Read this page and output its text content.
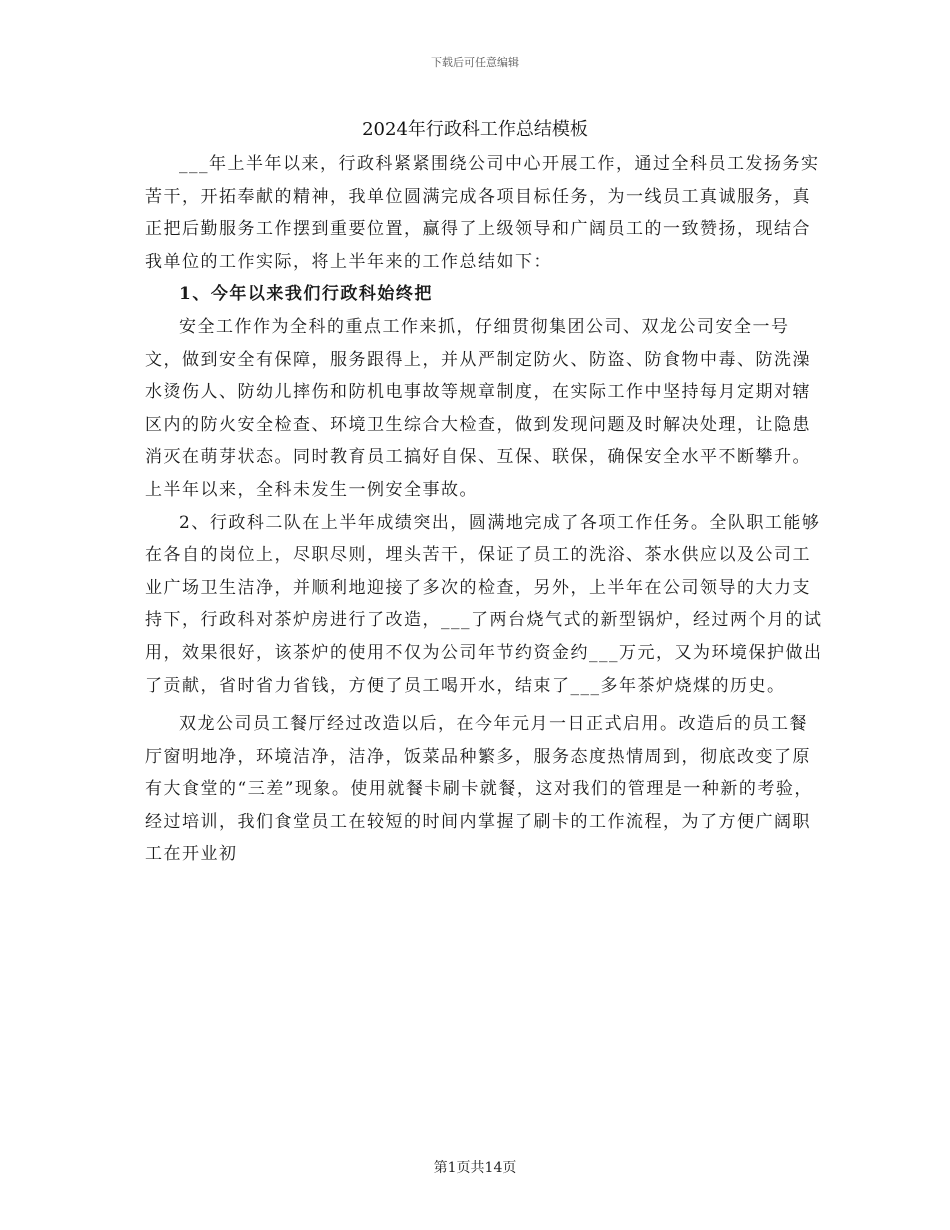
下载后可任意编辑
2024年行政科工作总结模板

___年上半年以来，行政科紧紧围绕公司中心开展工作，通过全科员工发扬务实苦干，开拓奉献的精神，我单位圆满完成各项目标任务，为一线员工真诚服务，真正把后勤服务工作摆到重要位置，赢得了上级领导和广阔员工的一致赞扬，现结合我单位的工作实际，将上半年来的工作总结如下：

1、今年以来我们行政科始终把

安全工作作为全科的重点工作来抓，仔细贯彻集团公司、双龙公司安全一号文，做到安全有保障，服务跟得上，并从严制定防火、防盗、防食物中毒、防洗澡水烫伤人、防幼儿摔伤和防机电事故等规章制度，在实际工作中坚持每月定期对辖区内的防火安全检查、环境卫生综合大检查，做到发现问题及时解决处理，让隐患消灭在萌芽状态。同时教育员工搞好自保、互保、联保，确保安全水平不断攀升。上半年以来，全科未发生一例安全事故。

2、行政科二队在上半年成绩突出，圆满地完成了各项工作任务。全队职工能够在各自的岗位上，尽职尽则，埋头苦干，保证了员工的洗浴、茶水供应以及公司工业广场卫生洁净，并顺利地迎接了多次的检查，另外，上半年在公司领导的大力支持下，行政科对茶炉房进行了改造，___了两台烧气式的新型锅炉，经过两个月的试用，效果很好，该茶炉的使用不仅为公司年节约资金约___万元，又为环境保护做出了贡献，省时省力省钱，方便了员工喝开水，结束了___多年茶炉烧煤的历史。

双龙公司员工餐厅经过改造以后，在今年元月一日正式启用。改造后的员工餐厅窗明地净，环境洁净，洁净，饭菜品种繁多，服务态度热情周到，彻底改变了原有大食堂的“三差”现象。使用就餐卡刷卡就餐，这对我们的管理是一种新的考验，经过培训，我们食堂员工在较短的时间内掌握了刷卡的工作流程，为了方便广阔职工在开业初

第1页共14页
